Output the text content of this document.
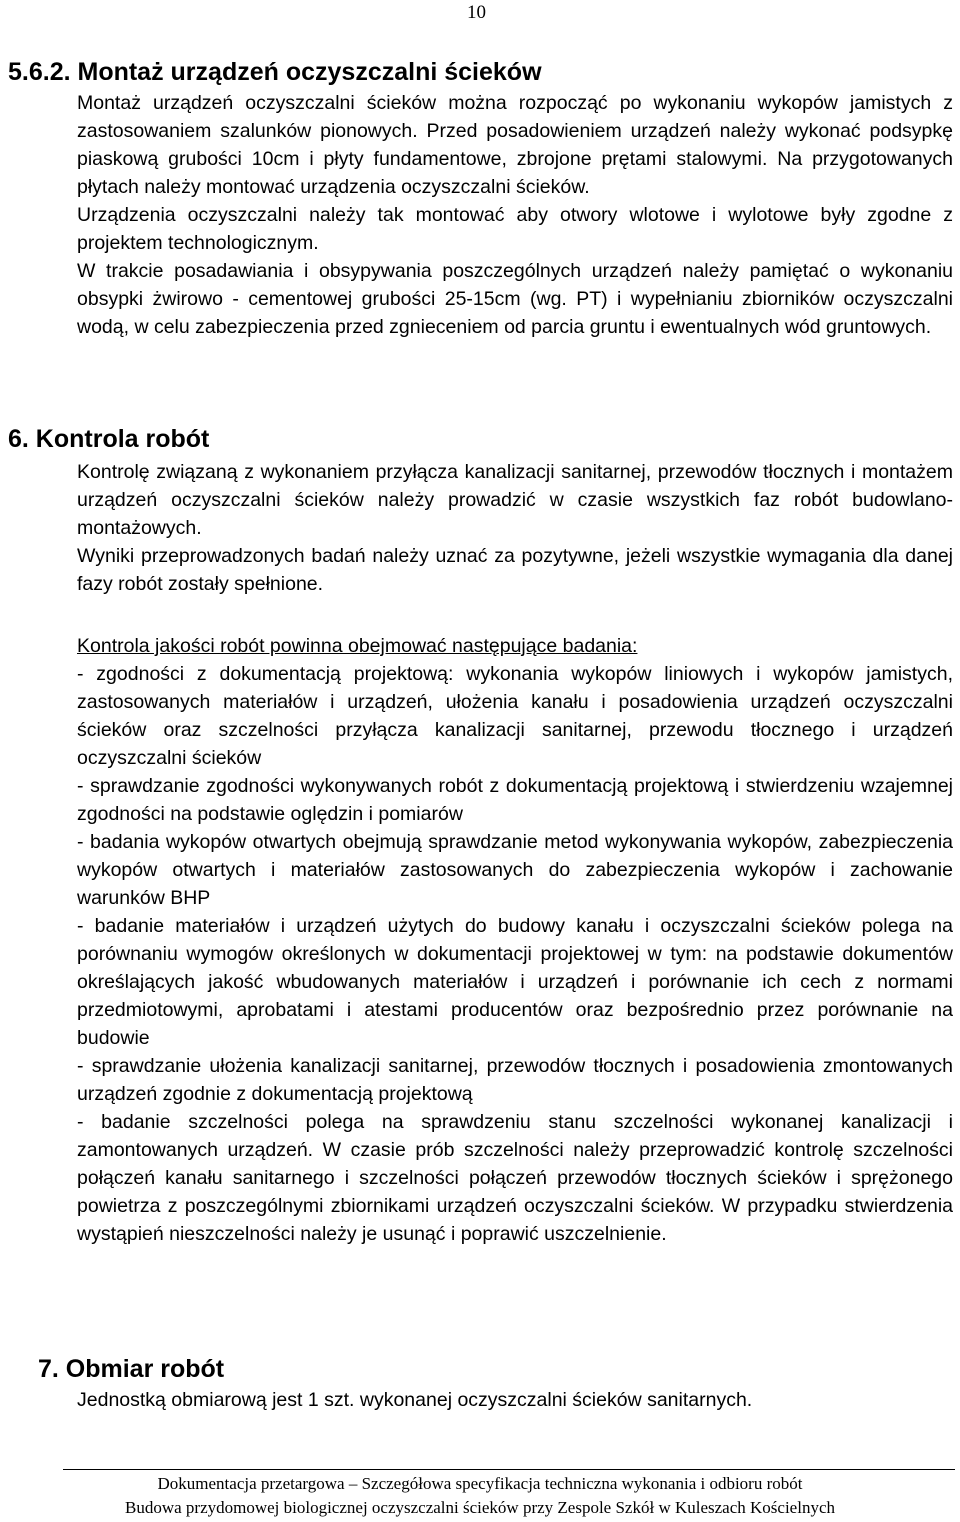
10
5.6.2. Montaż urządzeń oczyszczalni ścieków

Montaż urządzeń oczyszczalni ścieków można rozpocząć po wykonaniu wykopów jamistych z zastosowaniem szalunków pionowych. Przed posadowieniem urządzeń należy wykonać podsypkę piaskową grubości 10cm i płyty fundamentowe, zbrojone prętami stalowymi. Na przygotowanych płytach należy montować urządzenia oczyszczalni ścieków.

Urządzenia oczyszczalni należy tak montować aby otwory wlotowe i wylotowe były zgodne z projektem technologicznym.

W trakcie posadawiania i obsypywania poszczególnych urządzeń należy pamiętać o wykonaniu obsypki żwirowo - cementowej grubości 25-15cm (wg. PT) i wypełnianiu zbiorników oczyszczalni wodą, w celu zabezpieczenia przed zgnieceniem od parcia gruntu i ewentualnych wód gruntowych.

6. Kontrola robót

Kontrolę związaną z wykonaniem przyłącza kanalizacji sanitarnej, przewodów tłocznych i montażem urządzeń oczyszczalni ścieków należy prowadzić w czasie wszystkich faz robót budowlano-montażowych.

Wyniki przeprowadzonych badań należy uznać za pozytywne, jeżeli wszystkie wymagania dla danej fazy robót zostały spełnione.

Kontrola jakości robót powinna obejmować następujące badania:

- zgodności z dokumentacją projektową: wykonania wykopów liniowych i wykopów jamistych, zastosowanych materiałów i urządzeń, ułożenia kanału i posadowienia urządzeń oczyszczalni ścieków oraz szczelności przyłącza kanalizacji sanitarnej, przewodu tłocznego i urządzeń oczyszczalni ścieków

- sprawdzanie zgodności wykonywanych robót z dokumentacją projektową i stwierdzeniu wzajemnej zgodności na podstawie oględzin i pomiarów

- badania wykopów otwartych obejmują sprawdzanie metod wykonywania wykopów, zabezpieczenia wykopów otwartych i materiałów zastosowanych do zabezpieczenia wykopów i zachowanie warunków BHP

- badanie materiałów i urządzeń użytych do budowy kanału i oczyszczalni ścieków polega na porównaniu wymogów określonych w dokumentacji projektowej w tym: na podstawie dokumentów określających jakość wbudowanych materiałów i urządzeń i porównanie ich cech z normami przedmiotowymi, aprobatami i atestami producentów oraz bezpośrednio przez porównanie na budowie

- sprawdzanie ułożenia kanalizacji sanitarnej, przewodów tłocznych i posadowienia zmontowanych urządzeń zgodnie z dokumentacją projektową

- badanie szczelności polega na sprawdzeniu stanu szczelności wykonanej kanalizacji i zamontowanych urządzeń. W czasie prób szczelności należy przeprowadzić kontrolę szczelności połączeń kanału sanitarnego i szczelności połączeń przewodów tłocznych ścieków i sprężonego powietrza z poszczególnymi zbiornikami urządzeń oczyszczalni ścieków. W przypadku stwierdzenia wystąpień nieszczelności należy je usunąć i poprawić uszczelnienie.

7. Obmiar robót

Jednostką obmiarową jest 1 szt. wykonanej oczyszczalni ścieków sanitarnych.

Dokumentacja przetargowa – Szczegółowa specyfikacja techniczna wykonania i odbioru robót
Budowa przydomowej biologicznej oczyszczalni ścieków przy Zespole Szkół w Kuleszach Kościelnych
